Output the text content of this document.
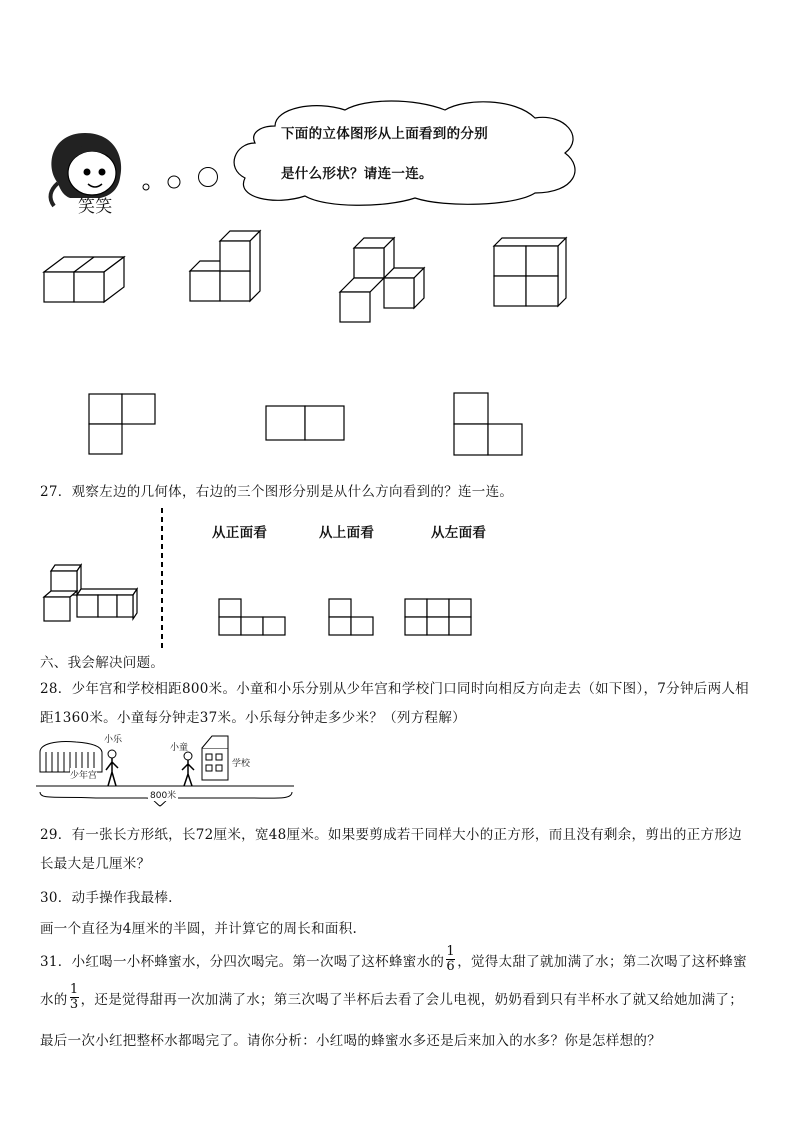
笑笑
下面的立体图形从上面看到的分别
是什么形状？请连一连。
27．观察左边的几何体，右边的三个图形分别是从什么方向看到的？连一连。
从正面看	从上面看	从左面看
六、我会解决问题。
28．少年宫和学校相距800米。小童和小乐分别从少年宫和学校门口同时向相反方向走去（如下图），7分钟后两人相
距1360米。小童每分钟走37米。小乐每分钟走多少米？（列方程解）
小乐
少年宫
小童
学校
800米
29．有一张长方形纸，长72厘米，宽48厘米。如果要剪成若干同样大小的正方形，而且没有剩余，剪出的正方形边
长最大是几厘米？
30．动手操作我最棒.
画一个直径为4厘米的半圆，并计算它的周长和面积.
31．小红喝一小杯蜂蜜水，分四次喝完。第一次喝了这杯蜂蜜水的 $\frac{1}{6}$ ，觉得太甜了就加满了水；第二次喝了这杯蜂蜜
水的 $\frac{1}{3}$ ，还是觉得甜再一次加满了水；第三次喝了半杯后去看了会儿电视，奶奶看到只有半杯水了就又给她加满了；
最后一次小红把整杯水都喝完了。请你分析：小红喝的蜂蜜水多还是后来加入的水多？你是怎样想的？
